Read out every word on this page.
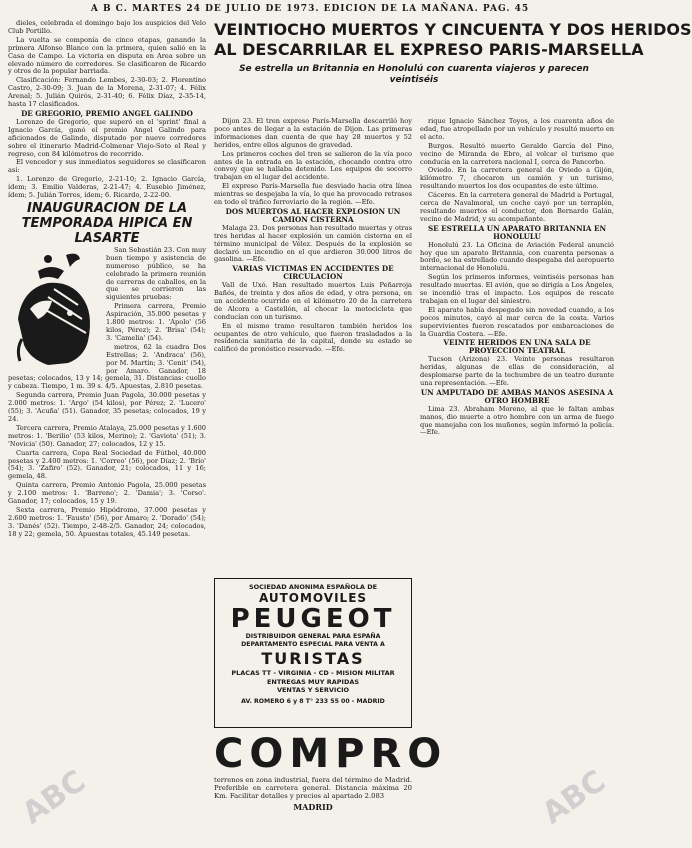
A B C. MARTES 24 DE JULIO DE 1973. EDICION DE LA MAÑANA. PAG. 45

dieles, celebrada el domingo bajo los auspicios del Velo Club Portillo.

La vuelta se componía de cinco etapas, ganando la primera Alfonso Blanco con la primera, quien salió en la Casa de Campo. La victoria en disputa en Area sobre un elevado número de corredores. Se clasificaron de Ricardo y otros de la popular barriada.

Clasificación: Fernando Lembes, 2-30-03; 2. Florentino Castro, 2-30-09; 3. Juan de la Morena, 2-31-07; 4. Félix Arenal; 5. Julián Quirós, 2-31-40; 6. Félix Díaz, 2-35-14, hasta 17 clasificados.

DE GREGORIO, PREMIO ANGEL GALINDO

Lorenzo de Gregorio, que superó en el 'sprint' final a Ignacio García, ganó el premio Angel Galindo para aficionados de Galindo, disputado por nueve corredores sobre el itinerario Madrid-Colmenar Viejo-Soto el Real y regreso, con 84 kilómetros de recorrido.

El vencedor y sus inmediatos seguidores se clasificaron así:

1. Lorenzo de Gregorio, 2-21-10; 2. Ignacio García, ídem; 3. Emilio Valderas, 2-21-47; 4. Eusebio Jiménez, ídem; 5. Julián Torres, ídem; 6. Ricardo, 2-22-00.

INAUGURACION DE LA TEMPORADA HIPICA EN LASARTE

San Sebastián 23. Con muy buen tiempo y asistencia de numeroso público, se ha celebrado la primera reunión de carreras de caballos, en la que se corrieron las siguientes pruebas:

Primera carrera, Premio Aspiración, 35.000 pesetas y 1.800 metros: 1. 'Apolo' (56 kilos, Pérez); 2. 'Brisa' (54); 3. 'Camelia' (54).

metros, 62 la cuadra Dos Estrellas; 2. 'Andraca' (56), por M. Martín; 3. 'Cenit' (54), por Amaro. Ganador, 18 pesetas; colocados, 13 y 14; gemela, 31. Distancias: cuello y cabeza. Tiempo, 1 m. 39 s. 4/5. Apuestas, 2.810 pesetas.

Segunda carrera, Premio Juan Pagola, 30.000 pesetas y 2.000 metros: 1. 'Argo' (54 kilos), por Pérez; 2. 'Lucero' (55); 3. 'Acuña' (51). Ganador, 35 pesetas; colocados, 19 y 24.

Tercera carrera, Premio Atalaya, 25.000 pesetas y 1.600 metros: 1. 'Berilio' (53 kilos, Merino); 2. 'Gaviota' (51); 3. 'Novicia' (50). Ganador, 27; colocados, 12 y 15.

Cuarta carrera, Copa Real Sociedad de Fútbol, 40.000 pesetas y 2.400 metros: 1. 'Correo' (56), por Díaz; 2. 'Brío' (54); 3. 'Zafiro' (52). Ganador, 21; colocados, 11 y 16; gemela, 48.

Quinta carrera, Premio Antonio Pagola, 25.000 pesetas y 2.100 metros: 1. 'Barreno'; 2. 'Damia'; 3. 'Corso'. Ganador, 17; colocados, 15 y 19.

Sexta carrera, Premio Hipódromo, 37.000 pesetas y 2.600 metros: 1. 'Fausto' (56), por Amaro; 2. 'Dorado' (54); 3. 'Danés' (52). Tiempo, 2-48-2/5. Ganador, 24; colocados, 18 y 22; gemela, 50. Apuestas totales, 45.149 pesetas.

VEINTIOCHO MUERTOS Y CINCUENTA Y DOS HERIDOS
AL DESCARRILAR EL EXPRESO PARIS-MARSELLA
Se estrella un Britannia en Honolulú con cuarenta viajeros y parecen veintiséis

Dijon 23. El tren expreso París-Marsella descarriló hoy poco antes de llegar a la estación de Dijon. Las primeras informaciones dan cuenta de que hay 28 muertos y 52 heridos, entre ellos algunos de gravedad.

Los primeros coches del tren se salieron de la vía poco antes de la entrada en la estación, chocando contra otro convoy que se hallaba detenido. Los equipos de socorro trabajan en el lugar del accidente.

El expreso París-Marsella fue desviado hacia otra línea mientras se despejaba la vía, lo que ha provocado retrasos en todo el tráfico ferroviario de la región. —Efe.

DOS MUERTOS AL HACER EXPLOSION UN CAMION CISTERNA

Malaga 23. Dos personas han resultado muertas y otras tres heridas al hacer explosión un camión cisterna en el término municipal de Vélez. Después de la explosión se declaró un incendio en el que ardieron 30.000 litros de gasolina. —Efe.

VARIAS VICTIMAS EN ACCIDENTES DE CIRCULACION

Vall de Uxó. Han resultado muertos Luis Peñarroja Bañós, de treinta y dos años de edad, y otra persona, en un accidente ocurrido en el kilómetro 20 de la carretera de Alcora a Castellón, al chocar la motocicleta que conducían con un turismo.

En el mismo tramo resultaron también heridos los ocupantes de otro vehículo, que fueron trasladados a la residencia sanitaria de la capital, donde su estado se calificó de pronóstico reservado. —Efe.

SOCIEDAD ANONIMA ESPAÑOLA DE
AUTOMOVILES
PEUGEOT
DISTRIBUIDOR GENERAL PARA ESPAÑA
DEPARTAMENTO ESPECIAL PARA VENTA A
TURISTAS
PLACAS TT - VIRGINIA - CD - MISION MILITAR
ENTREGAS MUY RAPIDAS
VENTAS Y SERVICIO
AV. ROMERO 6 y 8 T° 233 55 00 - MADRID
COMPRO
terrenos en zona industrial, fuera del término de Madrid. Preferible en carretera general. Distancia máxima 20 Km. Facilitar detalles y precios al apartado 2.083
MADRID

rique Ignacio Sánchez Toyos, a los cuarenta años de edad, fue atropellado por un vehículo y resultó muerto en el acto.

Burgos. Resultó muerto Geraldo García del Pino, vecino de Miranda de Ebro, al volcar el turismo que conducía en la carretera nacional I, cerca de Pancorbo.

Oviedo. En la carretera general de Oviedo a Gijón, kilómetro 7, chocaron un camión y un turismo, resultando muertos los dos ocupantes de este último.

Cáceres. En la carretera general de Madrid a Portugal, cerca de Navalmoral, un coche cayó por un terraplén, resultando muertos el conductor, don Bernardo Galán, vecino de Madrid, y su acompañante.

SE ESTRELLA UN APARATO BRITANNIA EN HONOLULU

Honolulú 23. La Oficina de Aviación Federal anunció hoy que un aparato Britannia, con cuarenta personas a bordo, se ha estrellado cuando despegaba del aeropuerto internacional de Honolulú.

Según los primeros informes, veintiséis personas han resultado muertas. El avión, que se dirigía a Los Ángeles, se incendió tras el impacto. Los equipos de rescate trabajan en el lugar del siniestro.

El aparato había despegado sin novedad cuando, a los pocos minutos, cayó al mar cerca de la costa. Varios supervivientes fueron rescatados por embarcaciones de la Guardia Costera. —Efe.

VEINTE HERIDOS EN UNA SALA DE PROYECCION TEATRAL

Tucson (Arizona) 23. Veinte personas resultaron heridas, algunas de ellas de consideración, al desplomarse parte de la techumbre de un teatro durante una representación. —Efe.

UN AMPUTADO DE AMBAS MANOS ASESINA A OTRO HOMBRE

Lima 23. Abraham Moreno, al que le faltan ambas manos, dio muerte a otro hombre con un arma de fuego que manejaba con los muñones, según informó la policía. —Efe.

ABC	ABC
